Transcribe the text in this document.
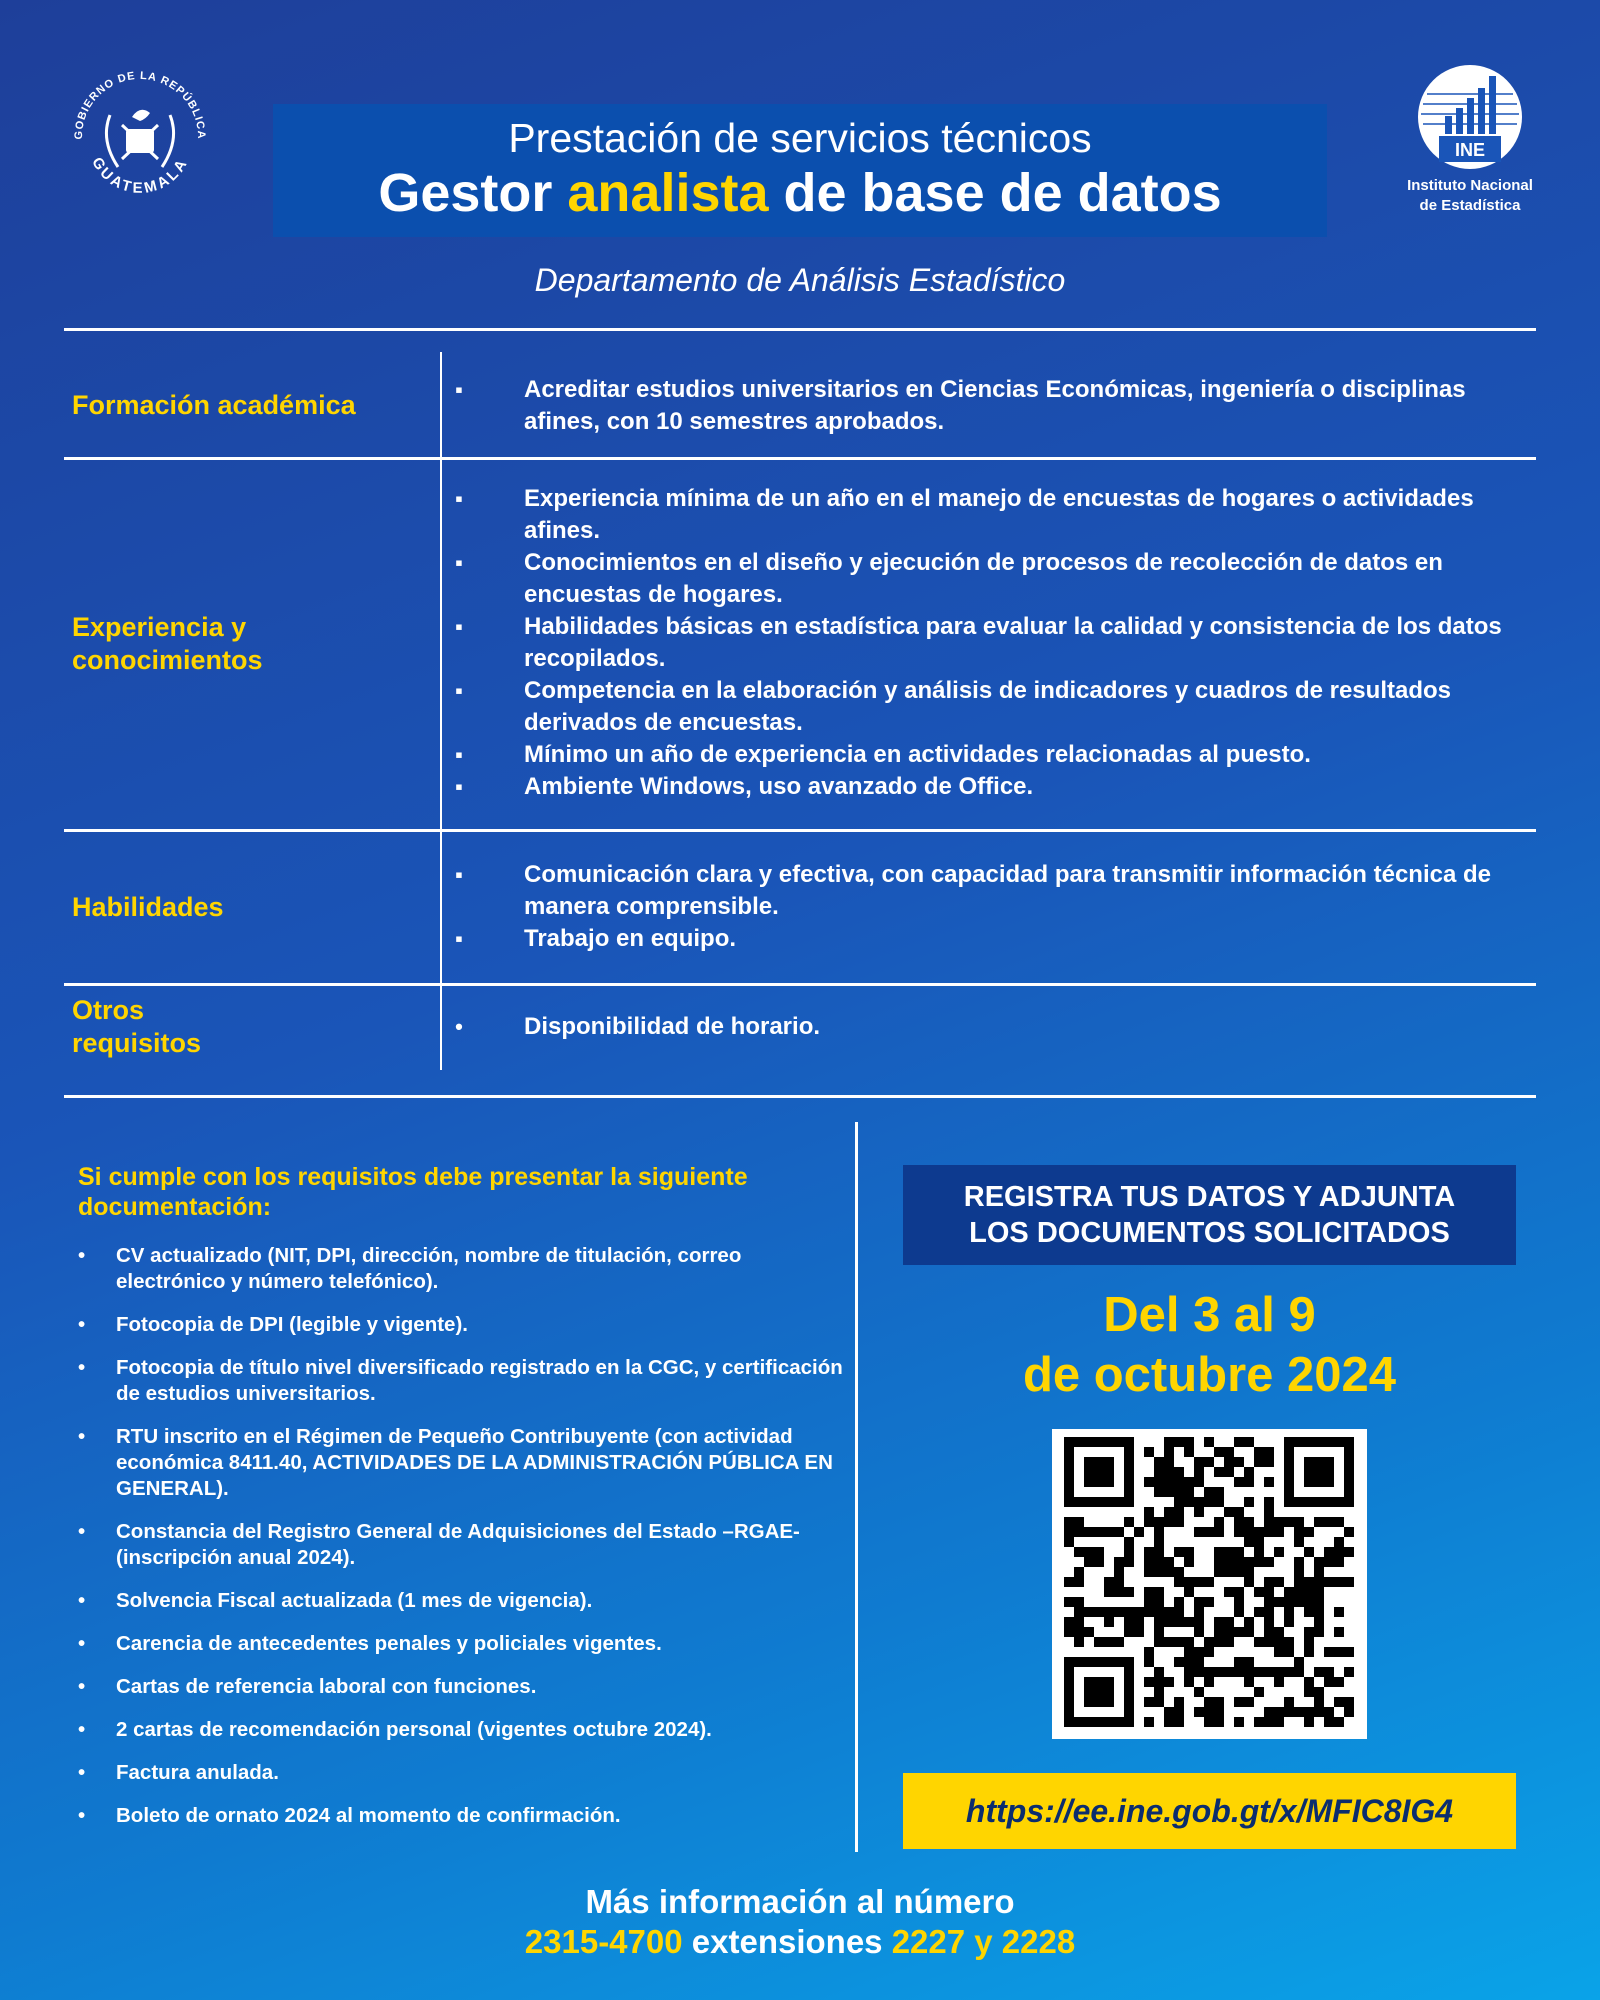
GOBIERNO DE LA REPÚBLICA
GUATEMALA
Prestación de servicios técnicos
Gestor analista de base de datos
INE
Instituto Nacional
de Estadística
Departamento de Análisis Estadístico
Formación académica
▪	Acreditar estudios universitarios en Ciencias Económicas, ingeniería o disciplinas afines, con 10 semestres aprobados.
Experiencia y conocimientos
▪	Experiencia mínima de un año en el manejo de encuestas de hogares o actividades afines.
▪	Conocimientos en el diseño y ejecución de procesos de recolección de datos en encuestas de hogares.
▪	Habilidades básicas en estadística para evaluar la calidad y consistencia de los datos recopilados.
▪	Competencia en la elaboración y análisis de indicadores y cuadros de resultados derivados de encuestas.
▪	Mínimo un año de experiencia en actividades relacionadas al puesto.
▪	Ambiente Windows, uso avanzado de Office.
Habilidades
▪	Comunicación clara y efectiva, con capacidad para transmitir información técnica de manera comprensible.
▪	Trabajo en equipo.
Otros requisitos
•	Disponibilidad de horario.
Si cumple con los requisitos debe presentar la siguiente documentación:
• CV actualizado (NIT, DPI, dirección, nombre de titulación, correo electrónico y número telefónico).
• Fotocopia de DPI (legible y vigente).
• Fotocopia de título nivel diversificado registrado en la CGC, y certificación de estudios universitarios.
• RTU inscrito en el Régimen de Pequeño Contribuyente (con actividad económica 8411.40, ACTIVIDADES DE LA ADMINISTRACIÓN PÚBLICA EN GENERAL).
• Constancia del Registro General de Adquisiciones del Estado –RGAE- (inscripción anual 2024).
• Solvencia Fiscal actualizada (1 mes de vigencia).
• Carencia de antecedentes penales y policiales vigentes.
• Cartas de referencia laboral con funciones.
• 2 cartas de recomendación personal (vigentes octubre 2024).
• Factura anulada.
• Boleto de ornato 2024 al momento de confirmación.
REGISTRA TUS DATOS Y ADJUNTA
LOS DOCUMENTOS SOLICITADOS
Del 3 al 9
de octubre 2024
https://ee.ine.gob.gt/x/MFIC8IG4
Más información al número
2315-4700 extensiones 2227 y 2228
